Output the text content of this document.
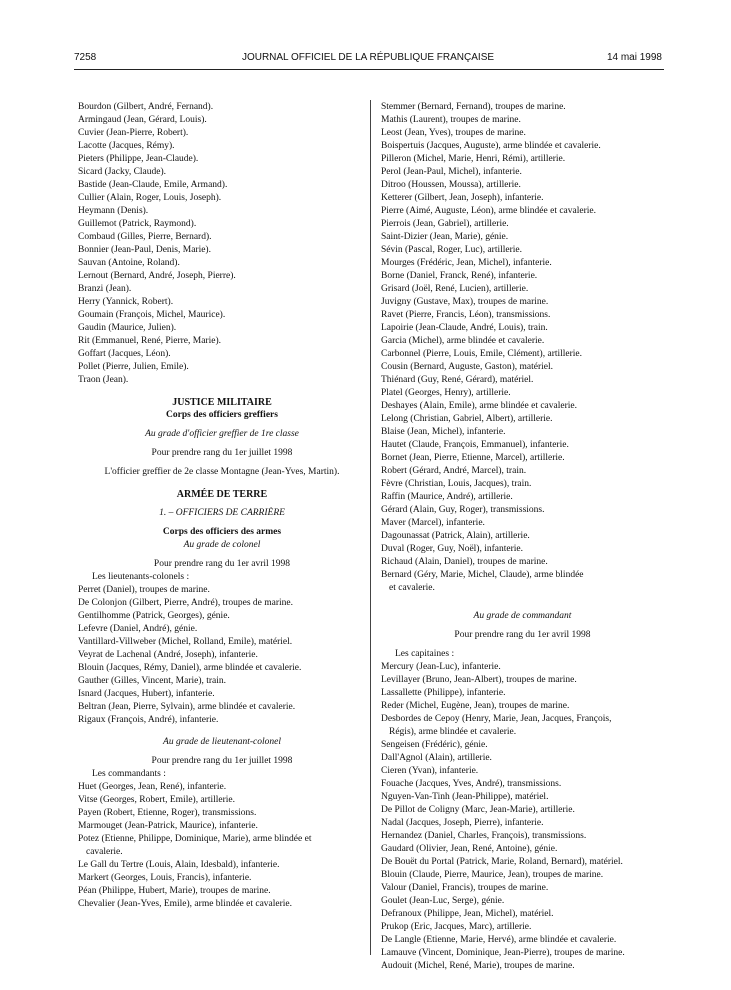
7258	JOURNAL OFFICIEL DE LA RÉPUBLIQUE FRANÇAISE	14 mai 1998
Bourdon (Gilbert, André, Fernand).
Armingaud (Jean, Gérard, Louis).
Cuvier (Jean-Pierre, Robert).
Lacotte (Jacques, Rémy).
Pieters (Philippe, Jean-Claude).
Sicard (Jacky, Claude).
Bastide (Jean-Claude, Emile, Armand).
Cullier (Alain, Roger, Louis, Joseph).
Heymann (Denis).
Guillemot (Patrick, Raymond).
Combaud (Gilles, Pierre, Bernard).
Bonnier (Jean-Paul, Denis, Marie).
Sauvan (Antoine, Roland).
Lernout (Bernard, André, Joseph, Pierre).
Branzi (Jean).
Herry (Yannick, Robert).
Goumain (François, Michel, Maurice).
Gaudin (Maurice, Julien).
Rit (Emmanuel, René, Pierre, Marie).
Goffart (Jacques, Léon).
Pollet (Pierre, Julien, Emile).
Traon (Jean).
JUSTICE MILITAIRE
Corps des officiers greffiers
Au grade d'officier greffier de 1re classe
Pour prendre rang du 1er juillet 1998
L'officier greffier de 2e classe Montagne (Jean-Yves, Martin).
ARMÉE DE TERRE
1. – OFFICIERS DE CARRIÈRE
Corps des officiers des armes
Au grade de colonel
Pour prendre rang du 1er avril 1998
Les lieutenants-colonels :
Perret (Daniel), troupes de marine.
De Colonjon (Gilbert, Pierre, André), troupes de marine.
Gentilhomme (Patrick, Georges), génie.
Lefevre (Daniel, André), génie.
Vantillard-Villweber (Michel, Rolland, Emile), matériel.
Veyrat de Lachenal (André, Joseph), infanterie.
Blouin (Jacques, Rémy, Daniel), arme blindée et cavalerie.
Gauther (Gilles, Vincent, Marie), train.
Isnard (Jacques, Hubert), infanterie.
Beltran (Jean, Pierre, Sylvain), arme blindée et cavalerie.
Rigaux (François, André), infanterie.
Au grade de lieutenant-colonel
Pour prendre rang du 1er juillet 1998
Les commandants :
Huet (Georges, Jean, René), infanterie.
Vitse (Georges, Robert, Emile), artillerie.
Payen (Robert, Etienne, Roger), transmissions.
Marmouget (Jean-Patrick, Maurice), infanterie.
Potez (Etienne, Philippe, Dominique, Marie), arme blindée et
cavalerie.
Le Gall du Tertre (Louis, Alain, Idesbald), infanterie.
Markert (Georges, Louis, Francis), infanterie.
Péan (Philippe, Hubert, Marie), troupes de marine.
Chevalier (Jean-Yves, Emile), arme blindée et cavalerie.
Stemmer (Bernard, Fernand), troupes de marine.
Mathis (Laurent), troupes de marine.
Leost (Jean, Yves), troupes de marine.
Boispertuis (Jacques, Auguste), arme blindée et cavalerie.
Pilleron (Michel, Marie, Henri, Rémi), artillerie.
Perol (Jean-Paul, Michel), infanterie.
Ditroo (Houssen, Moussa), artillerie.
Ketterer (Gilbert, Jean, Joseph), infanterie.
Pierre (Aimé, Auguste, Léon), arme blindée et cavalerie.
Pierrois (Jean, Gabriel), artillerie.
Saint-Dizier (Jean, Marie), génie.
Sévin (Pascal, Roger, Luc), artillerie.
Mourges (Frédéric, Jean, Michel), infanterie.
Borne (Daniel, Franck, René), infanterie.
Grisard (Joël, René, Lucien), artillerie.
Juvigny (Gustave, Max), troupes de marine.
Ravet (Pierre, Francis, Léon), transmissions.
Lapoirie (Jean-Claude, André, Louis), train.
Garcia (Michel), arme blindée et cavalerie.
Carbonnel (Pierre, Louis, Emile, Clément), artillerie.
Cousin (Bernard, Auguste, Gaston), matériel.
Thiénard (Guy, René, Gérard), matériel.
Platel (Georges, Henry), artillerie.
Deshayes (Alain, Emile), arme blindée et cavalerie.
Lelong (Christian, Gabriel, Albert), artillerie.
Blaise (Jean, Michel), infanterie.
Hautet (Claude, François, Emmanuel), infanterie.
Bornet (Jean, Pierre, Etienne, Marcel), artillerie.
Robert (Gérard, André, Marcel), train.
Fèvre (Christian, Louis, Jacques), train.
Raffin (Maurice, André), artillerie.
Gérard (Alain, Guy, Roger), transmissions.
Maver (Marcel), infanterie.
Dagounassat (Patrick, Alain), artillerie.
Duval (Roger, Guy, Noël), infanterie.
Richaud (Alain, Daniel), troupes de marine.
Bernard (Géry, Marie, Michel, Claude), arme blindée
et cavalerie.
Au grade de commandant
Pour prendre rang du 1er avril 1998
Les capitaines :
Mercury (Jean-Luc), infanterie.
Levillayer (Bruno, Jean-Albert), troupes de marine.
Lassallette (Philippe), infanterie.
Reder (Michel, Eugène, Jean), troupes de marine.
Desbordes de Cepoy (Henry, Marie, Jean, Jacques, François,
Régis), arme blindée et cavalerie.
Sengeisen (Frédéric), génie.
Dall'Agnol (Alain), artillerie.
Cieren (Yvan), infanterie.
Fouache (Jacques, Yves, André), transmissions.
Nguyen-Van-Tinh (Jean-Philippe), matériel.
De Pillot de Coligny (Marc, Jean-Marie), artillerie.
Nadal (Jacques, Joseph, Pierre), infanterie.
Hernandez (Daniel, Charles, François), transmissions.
Gaudard (Olivier, Jean, René, Antoine), génie.
De Bouët du Portal (Patrick, Marie, Roland, Bernard), matériel.
Blouin (Claude, Pierre, Maurice, Jean), troupes de marine.
Valour (Daniel, Francis), troupes de marine.
Goulet (Jean-Luc, Serge), génie.
Defranoux (Philippe, Jean, Michel), matériel.
Prukop (Eric, Jacques, Marc), artillerie.
De Langle (Etienne, Marie, Hervé), arme blindée et cavalerie.
Lamauve (Vincent, Dominique, Jean-Pierre), troupes de marine.
Audouit (Michel, René, Marie), troupes de marine.
